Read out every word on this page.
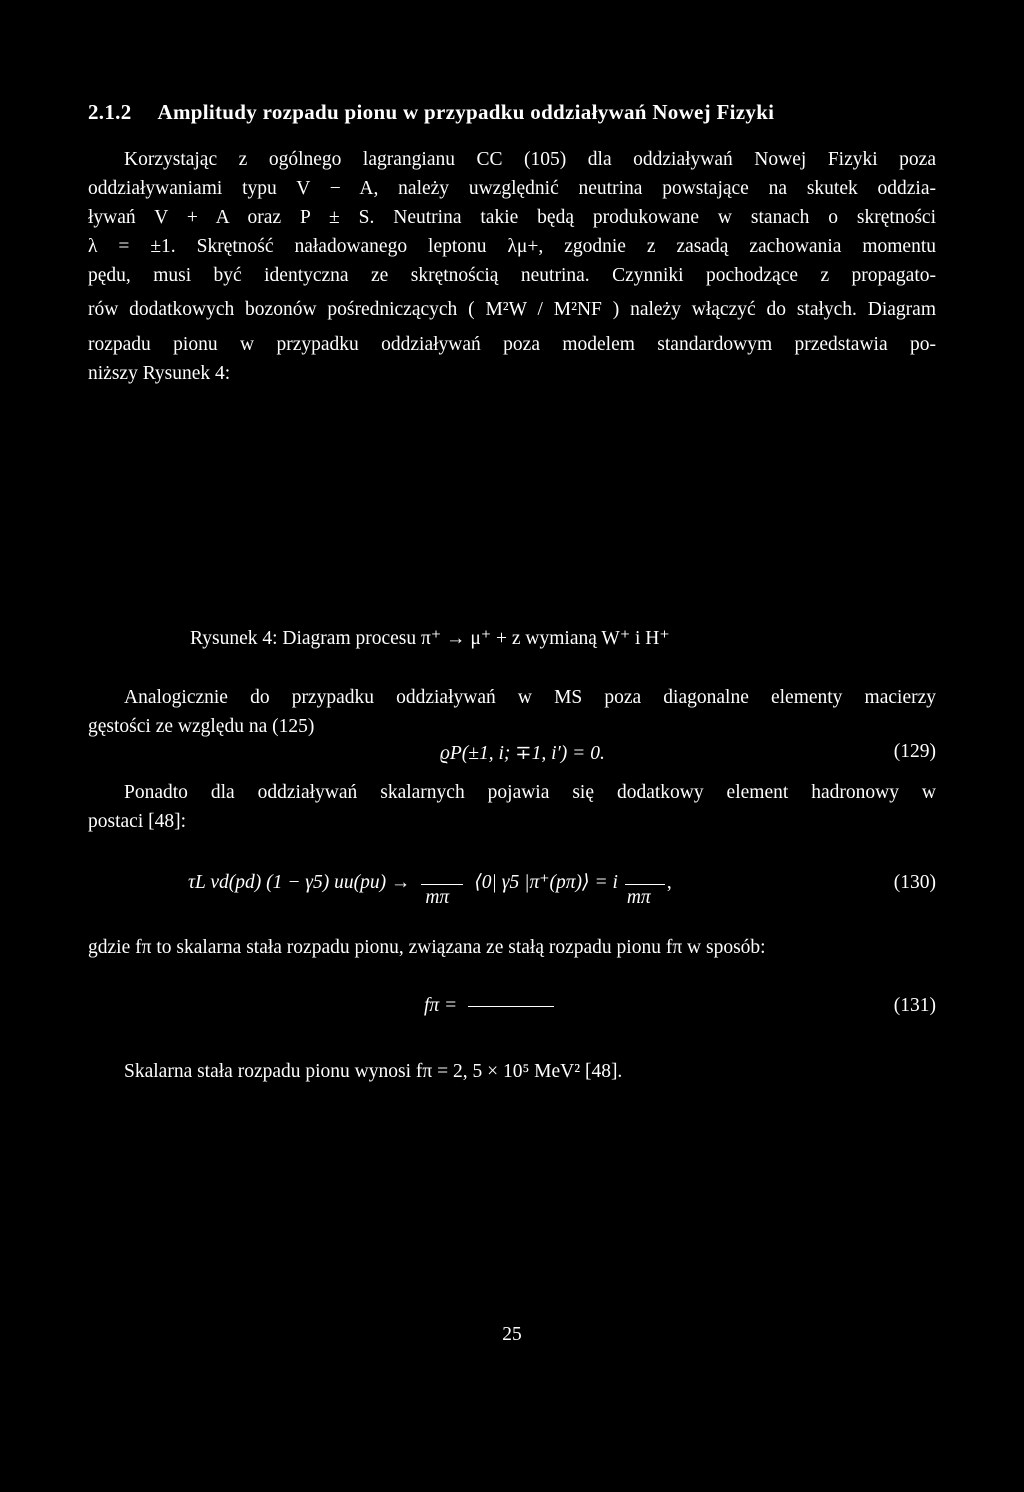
2.1.2 Amplitudy rozpadu pionu w przypadku oddziaływań Nowej Fizyki
Korzystając z ogólnego lagrangianu CC (105) dla oddziaływań Nowej Fizyki poza
oddziaływaniami typu V − A, należy uwzględnić neutrina powstające na skutek oddzia-
ływań V + A oraz P ± S. Neutrina takie będą produkowane w stanach o skrętności
λ = ±1. Skrętność naładowanego leptonu λμ+, zgodnie z zasadą zachowania momentu
pędu, musi być identyczna ze skrętnością neutrina. Czynniki pochodzące z propagato-
rów dodatkowych bozonów pośredniczących ( M²W / M²NF ) należy włączyć do stałych. Diagram
rozpadu pionu w przypadku oddziaływań poza modelem standardowym przedstawia po-
niższy Rysunek 4:
Rysunek 4: Diagram procesu π⁺ → μ⁺ + z wymianą W⁺ i H⁺
Analogicznie do przypadku oddziaływań w MS poza diagonalne elementy macierzy
gęstości ze względu na (125)
ϱP(±1, i; ∓1, i′) = 0.	(129)
Ponadto dla oddziaływań skalarnych pojawia się dodatkowy element hadronowy w
postaci [48]:
τL vd(pd) (1 − γ5) uu(pu) →
mπ
⟨0| γ5 |π⁺(pπ)⟩ = i
mπ
,	(130)
gdzie fπ to skalarna stała rozpadu pionu, związana ze stałą rozpadu pionu fπ w sposób:
fπ =	(131)
Skalarna stała rozpadu pionu wynosi fπ = 2, 5 × 10⁵ MeV² [48].
25
